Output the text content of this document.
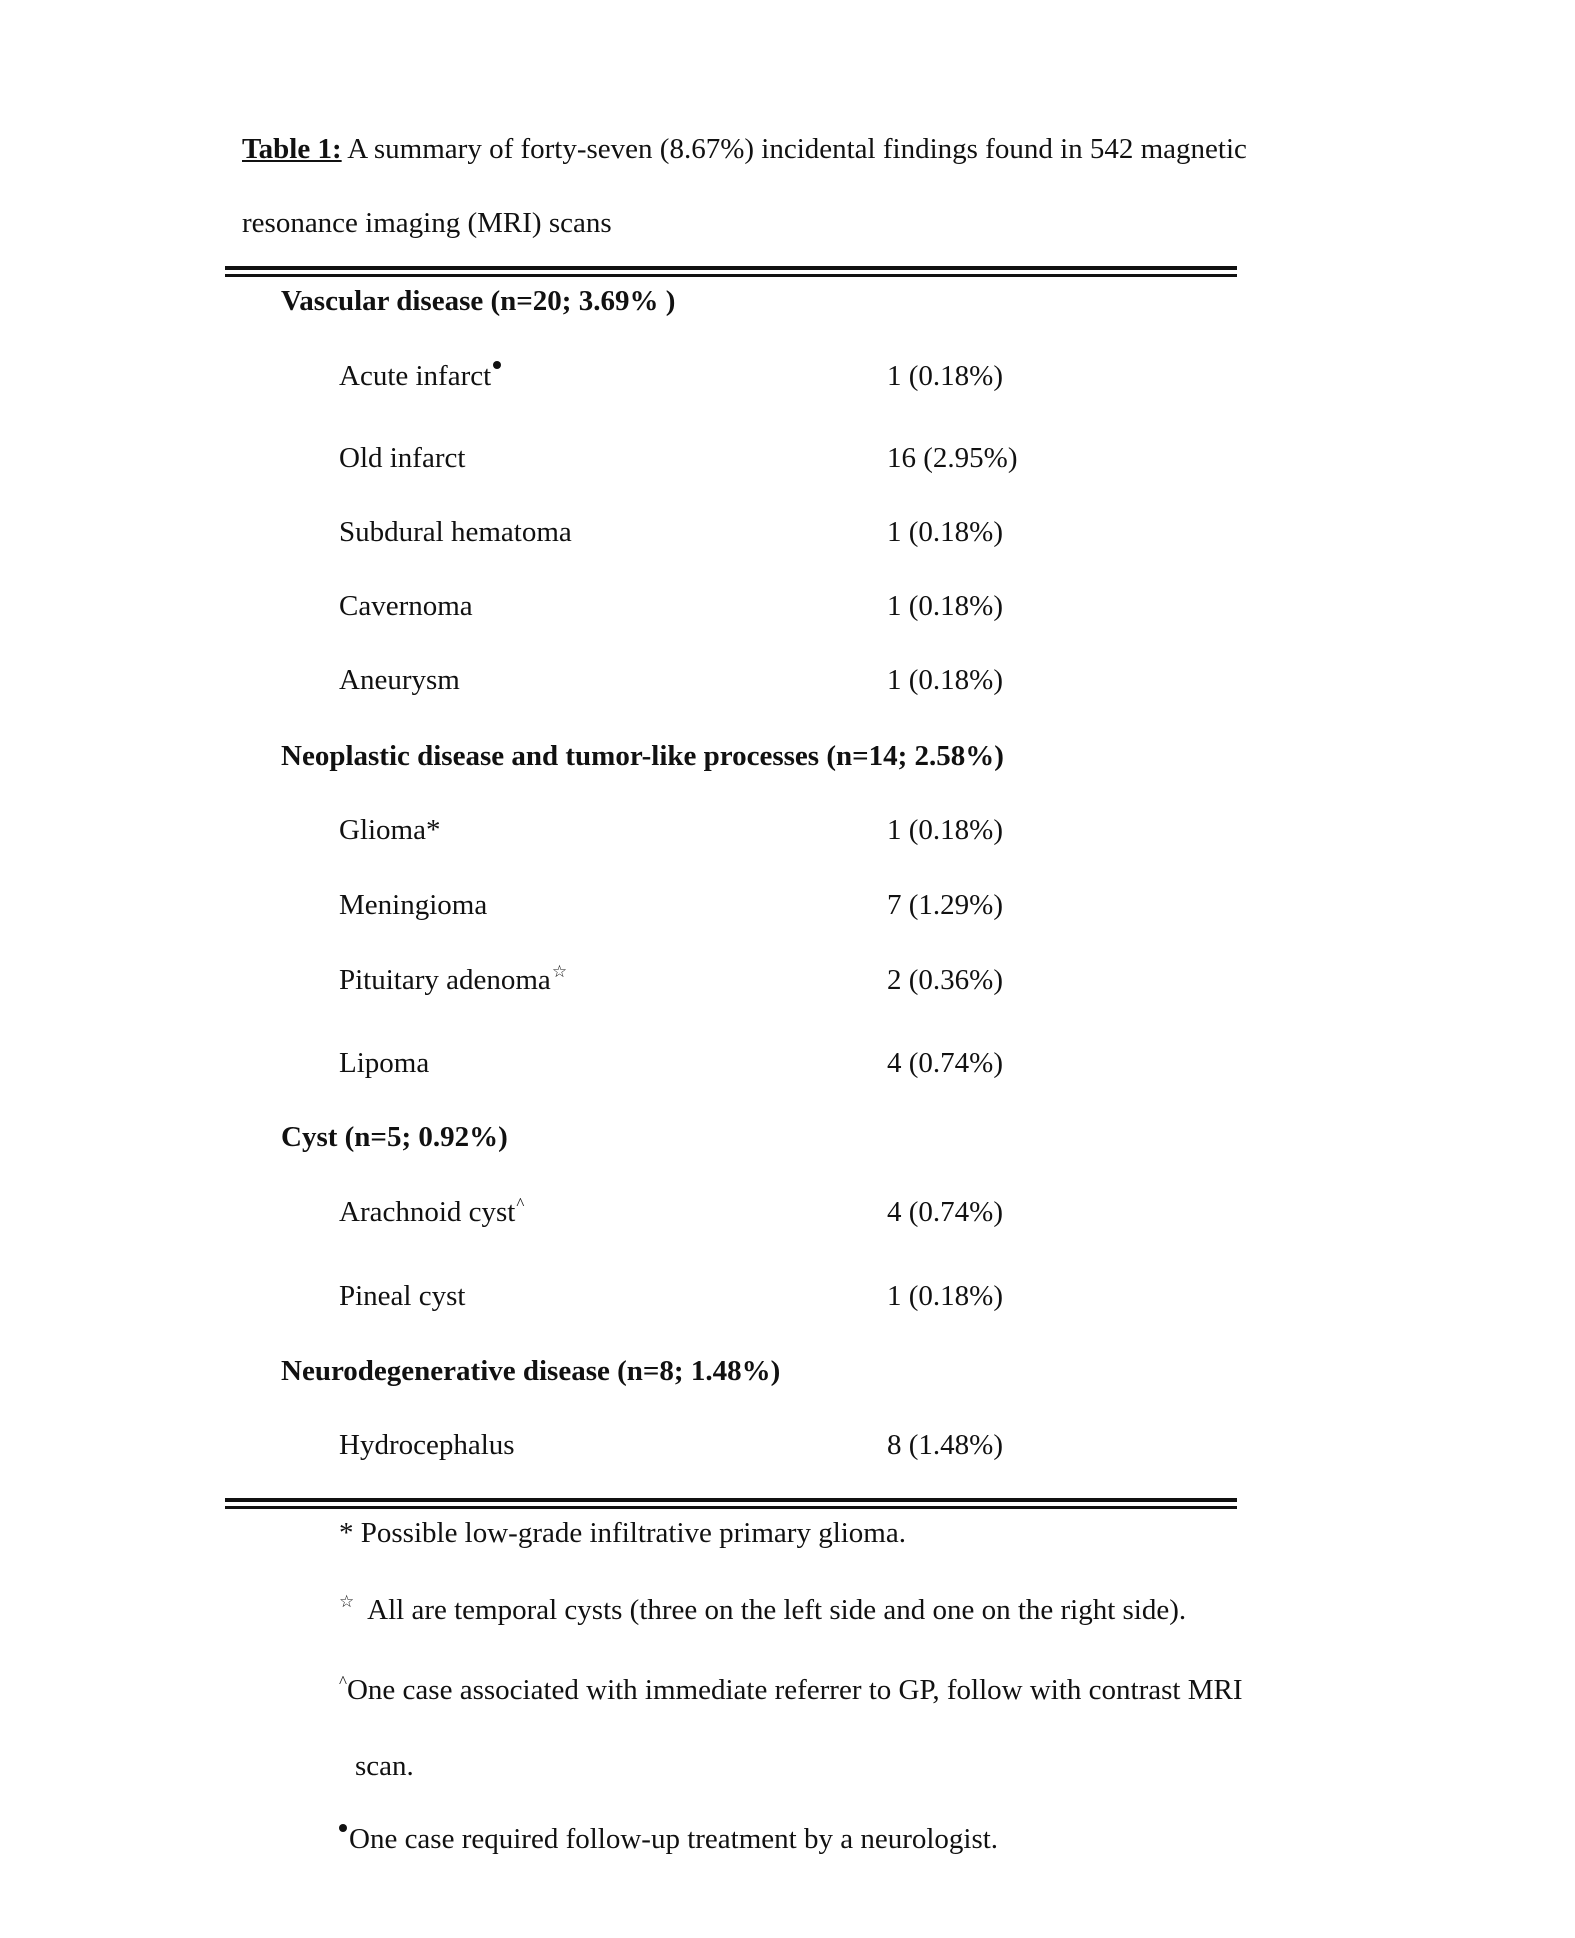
Table 1: A summary of forty-seven (8.67%) incidental findings found in 542 magnetic
resonance imaging (MRI) scans
Vascular disease (n=20; 3.69% )
Acute infarct	1 (0.18%)
Old infarct	16 (2.95%)
Subdural hematoma	1 (0.18%)
Cavernoma	1 (0.18%)
Aneurysm	1 (0.18%)
Neoplastic disease and tumor-like processes (n=14; 2.58%)
Glioma*	1 (0.18%)
Meningioma	7 (1.29%)
Pituitary adenoma☆	2 (0.36%)
Lipoma	4 (0.74%)
Cyst (n=5; 0.92%)
Arachnoid cyst^	4 (0.74%)
Pineal cyst	1 (0.18%)
Neurodegenerative disease (n=8; 1.48%)
Hydrocephalus	8 (1.48%)
* Possible low-grade infiltrative primary glioma.
☆  All are temporal cysts (three on the left side and one on the right side).
^One case associated with immediate referrer to GP, follow with contrast MRI
scan.
One case required follow-up treatment by a neurologist.
